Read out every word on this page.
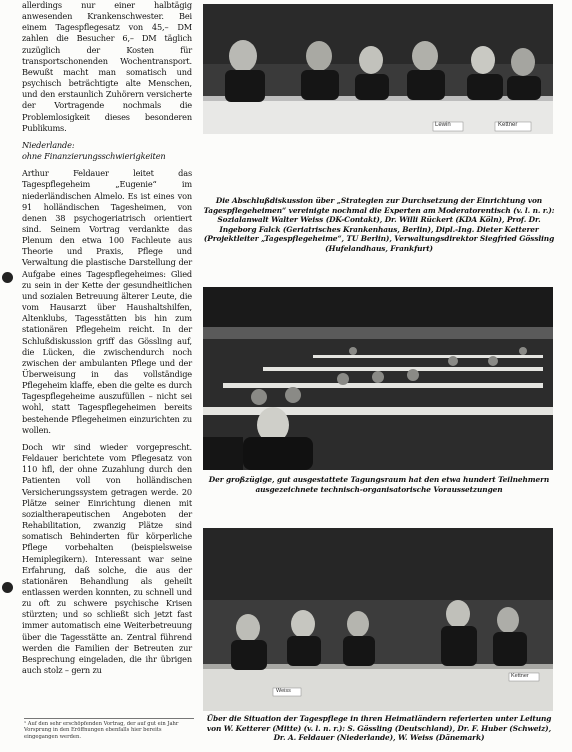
allerdings nur einer halbtägig anwesenden Krankenschwester. Bei einem Tagespflegesatz von 45,– DM zahlen die Besucher 6,– DM täglich zuzüglich der Kosten für transportschonenden Wochentransport. Bewußt macht man somatisch und psychisch beträchtigte alte Menschen, und den erstaunlich Zuhörern versicherte der Vortragende nochmals die Problemlosigkeit dieses besonderen Publikums.

Niederlande:
ohne Finanzierungsschwierigkeiten

Arthur Feldauer leitet das Tagespflegeheim „Eugenie“ im niederländischen Almelo. Es ist eines von 91 holländischen Tagesheimen, von denen 38 psychogeriatrisch orientiert sind. Seinem Vortrag verdankte das Plenum den etwa 100 Fachleute aus Theorie und Praxis, Pflege und Verwaltung die plastische Darstellung der Aufgabe eines Tagespflegeheimes: Glied zu sein in der Kette der gesundheitlichen und sozialen Betreuung älterer Leute, die vom Hausarzt über Haushaltshilfen, Altenklubs, Tagesstätten bis hin zum stationären Pflegeheim reicht. In der Schlußdiskussion griff das Gössling auf, die Lücken, die zwischendurch noch zwischen der ambulanten Pflege und der Überweisung in das vollständige Pflegeheim klaffe, eben die gelte es durch Tagespflegeheime auszufüllen – nicht sei wohl, statt Tagespflegeheimen bereits bestehende Pflegeheimen einzurichten zu wollen.

Doch wir sind wieder vorgeprescht. Feldauer berichtete vom Pflegesatz von 110 hfl, der ohne Zuzahlung durch den Patienten voll von holländischen Versicherungssystem getragen werde. 20 Plätze seiner Einrichtung dienen mit sozialtherapeutischen Angeboten der Rehabilitation, zwanzig Plätze sind somatisch Behinderten für körperliche Pflege vorbehalten (beispielsweise Hemiplegikern). Interessant war seine Erfahrung, daß solche, die aus der stationären Behandlung als geheilt entlassen werden konnten, zu schnell und zu oft zu schwere psychische Krisen stürzten; und so schließt sich jetzt fast immer automatisch eine Weiterbetreuung über die Tagesstätte an. Zentral führend werden die Familien der Betreuten zur Besprechung eingeladen, die ihr übrigen auch stolz – gern zu

¹ Auf den sehr erschöpfenden Vortrag, der auf gut ein Jahr Vorsprung in den Eröffnungen ebenfalls hier bereits eingegangen werden.
Lewin	Kettner
Die Abschlußdiskussion über „Strategien zur Durchsetzung der Einrichtung von Tagespflegeheimen“ vereinigte nochmal die Experten am Moderatorentisch (v. l. n. r.): Sozialanwalt Walter Weiss (DK-Contakt), Dr. Willi Rückert (KDA Köln), Prof. Dr. Ingeborg Falck (Geriatrisches Krankenhaus, Berlin), Dipl.-Ing. Dieter Ketterer (Projektleiter „Tagespflegeheime“, TU Berlin), Verwaltungsdirektor Siegfried Gössling (Hufelandhaus, Frankfurt)
Der großzügige, gut ausgestattete Tagungsraum hat den etwa hundert Teilnehmern ausgezeichnete technisch-organisatorische Voraussetzungen
Weiss
Kettner
Über die Situation der Tagespflege in ihren Heimatländern referierten unter Leitung von W. Ketterer (Mitte) (v. l. n. r.): S. Gössling (Deutschland), Dr. F. Huber (Schweiz), Dr. A. Feldauer (Niederlande), W. Weiss (Dänemark)
